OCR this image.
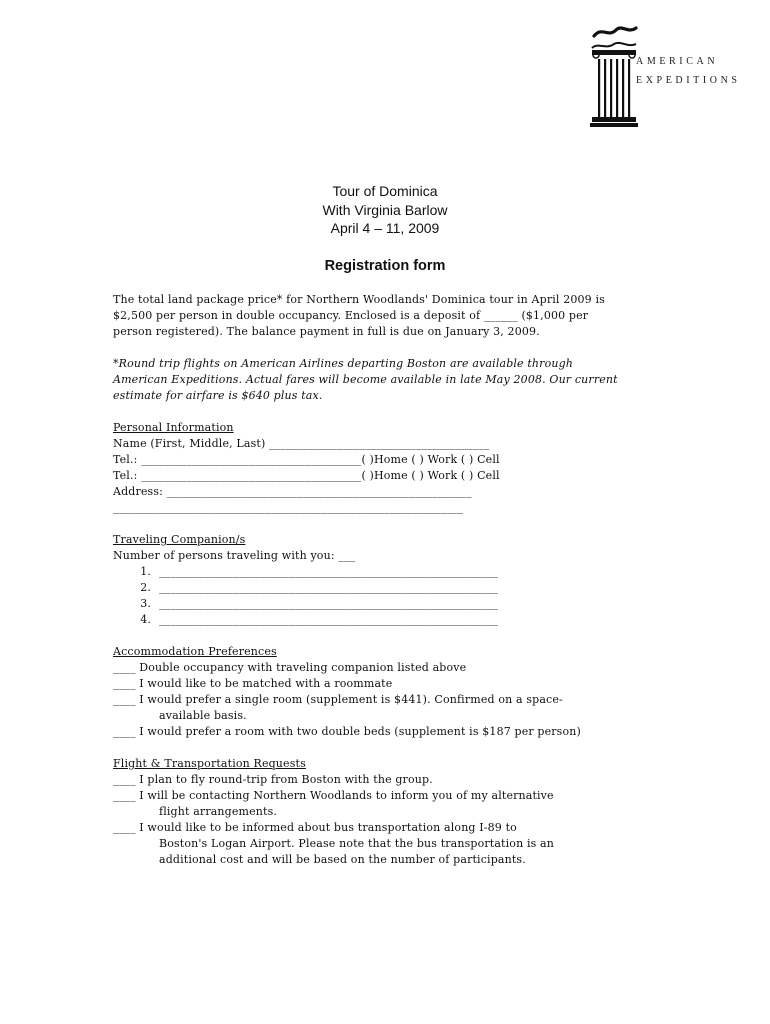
AMERICAN
EXPEDITIONS
Tour of Dominica
With Virginia Barlow
April 4 – 11, 2009
Registration form

The total land package price* for Northern Woodlands' Dominica tour in April 2009 is
$2,500 per person in double occupancy. Enclosed is a deposit of ______ ($1,000 per
person registered). The balance payment in full is due on January 3, 2009.

*Round trip flights on American Airlines departing Boston are available through
American Expeditions. Actual fares will become available in late May 2008. Our current
estimate for airfare is $640 plus tax.

Personal Information
Name (First, Middle, Last) _______________________________________
Tel.: _______________________________________( )Home ( ) Work ( ) Cell
Tel.: _______________________________________( )Home ( ) Work ( ) Cell
Address: ______________________________________________________
______________________________________________________________
Traveling Companion/s
Number of persons traveling with you: ___
1. ____________________________________________________________
2. ____________________________________________________________
3. ____________________________________________________________
4. ____________________________________________________________
Accommodation Preferences
____ Double occupancy with traveling companion listed above
____ I would like to be matched with a roommate
____ I would prefer a single room (supplement is $441). Confirmed on a space-
available basis.
____ I would prefer a room with two double beds (supplement is $187 per person)
Flight & Transportation Requests
____ I plan to fly round-trip from Boston with the group.
____ I will be contacting Northern Woodlands to inform you of my alternative
flight arrangements.
____ I would like to be informed about bus transportation along I-89 to
Boston's Logan Airport. Please note that the bus transportation is an
additional cost and will be based on the number of participants.
